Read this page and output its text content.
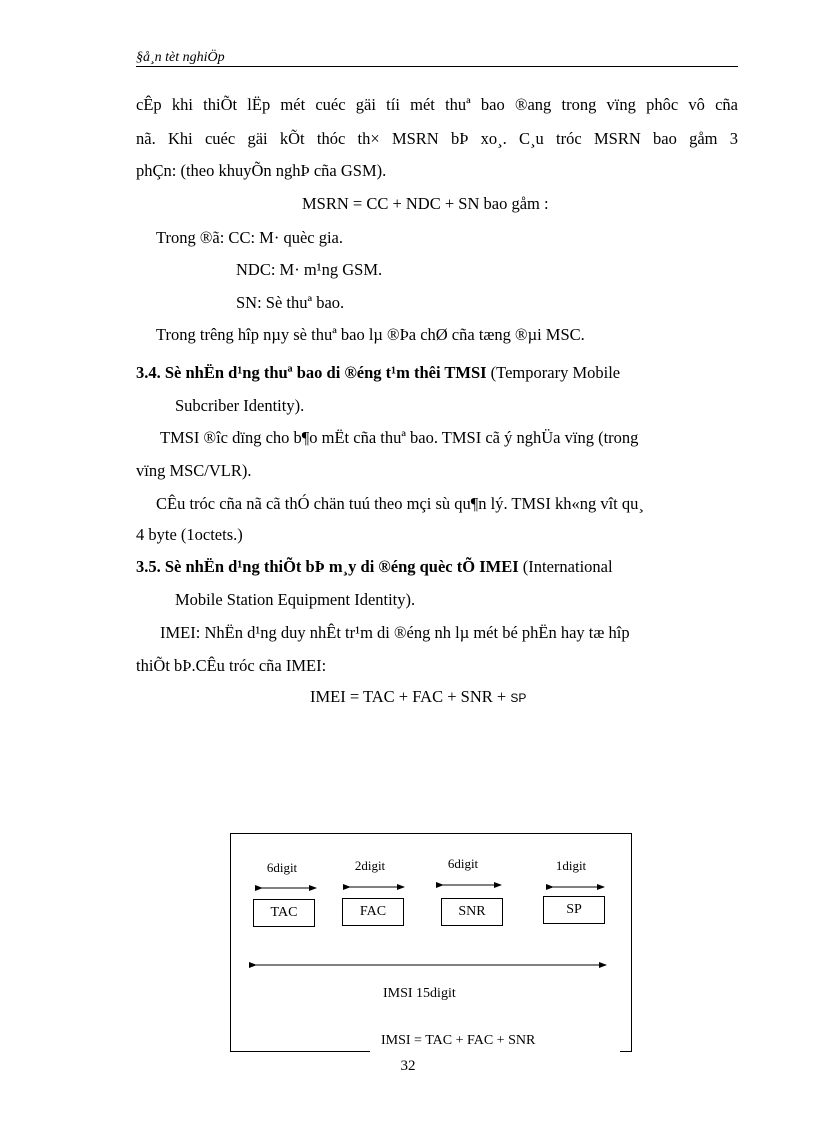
§å¸n tèt nghiÖp
cÊp khi thiÕt lËp mét cuéc gäi tíi mét thuª bao ®ang trong vïng phôc vô cña
nã. Khi cuéc gäi kÕt thóc th× MSRN bÞ xo¸. C¸u tróc MSRN bao gåm 3
phÇn: (theo khuyÕn nghÞ cña GSM).
MSRN = CC + NDC + SN bao gåm :
Trong ®ã: CC: M· quèc gia.
NDC: M· m¹ng GSM.
SN: Sè thuª bao.
Trong trêng hîp nµy sè thuª bao lµ ®Þa chØ cña tæng ®µi MSC.
3.4. Sè nhËn d¹ng thuª bao di ®éng t¹m thêi TMSI (Temporary Mobile
Subcriber Identity).
TMSI ®îc dïng cho b¶o mËt cña thuª bao. TMSI cã ý nghÜa vïng (trong
vïng MSC/VLR).
CÊu tróc cña nã cã thÓ chän tuú theo mçi sù qu¶n lý. TMSI kh«ng vît qu¸
4 byte (1octets.)
3.5. Sè nhËn d¹ng thiÕt bÞ m¸y di ®éng quèc tÕ IMEI (International
Mobile Station Equipment Identity).
IMEI: NhËn d¹ng duy nhÊt tr¹m di ®éng nh lµ mét bé phËn hay tæ hîp
thiÕt bÞ.CÊu tróc cña IMEI:
IMEI = TAC + FAC + SNR + SP
6digit	2digit	6digit	1digit
TAC	FAC	SNR	SP
IMSI 15digit
IMSI = TAC + FAC + SNR
32
